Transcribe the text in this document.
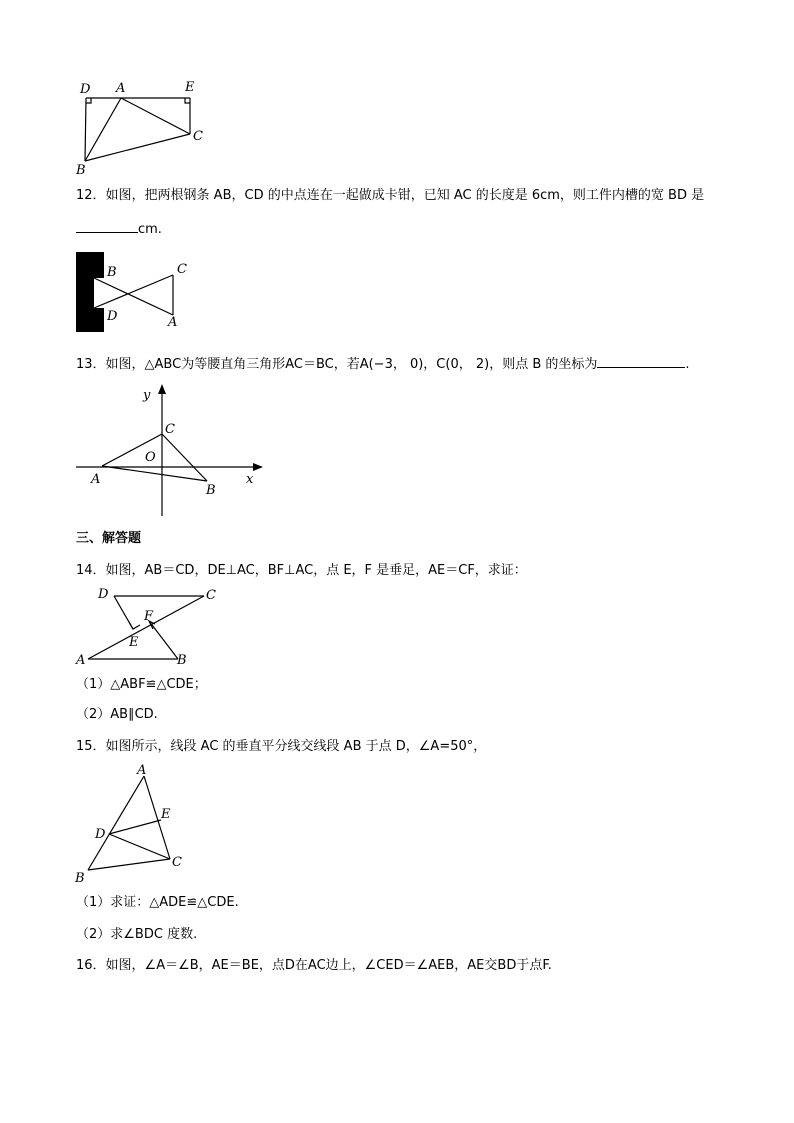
D A	E
C
B
12．如图，把两根钢条 AB，CD 的中点连在一起做成卡钳，已知 AC 的长度是 6cm，则工件内槽的宽 BD 是
cm.
B	C
D	A
13．如图，△ABC为等腰直角三角形AC＝BC，若A(−3， 0)，C(0， 2)，则点 B 的坐标为	.
y
C
O
A
B
x
三、解答题
14．如图，AB＝CD，DE⊥AC，BF⊥AC，点 E，F 是垂足，AE＝CF，求证：
D	C
F
E
A	B
（1）△ABF≌△CDE；
（2）AB∥CD.
15．如图所示，线段 AC 的垂直平分线交线段 AB 于点 D，∠A=50°，
A
E
D
C
B
（1）求证：△ADE≌△CDE.
（2）求∠BDC 度数.
16．如图，∠A＝∠B，AE＝BE，点D在AC边上，∠CED＝∠AEB，AE交BD于点F.
